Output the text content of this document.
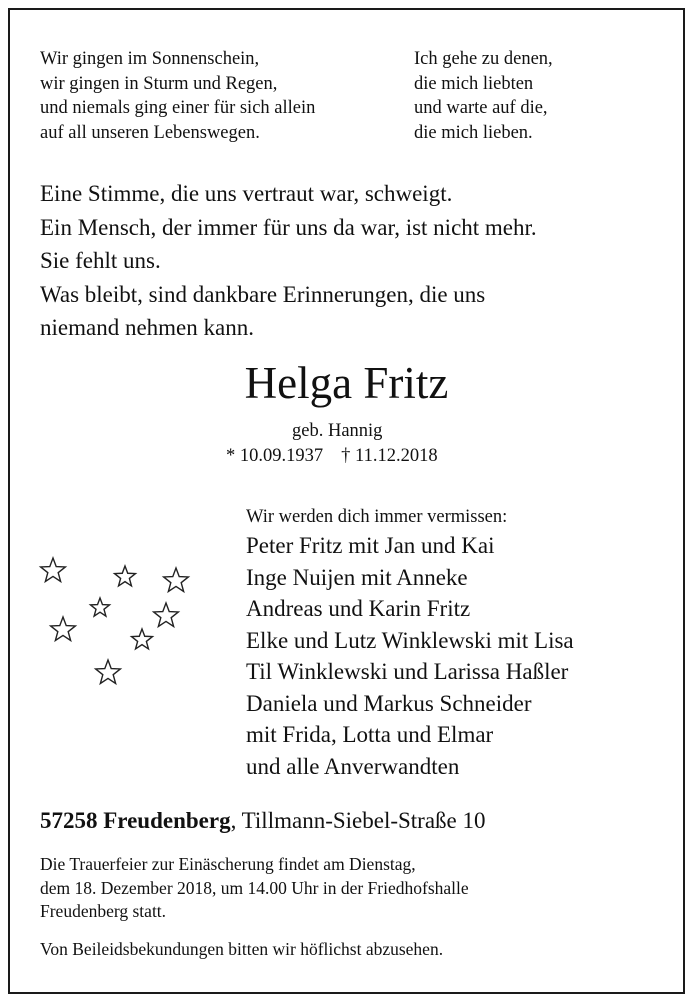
Wir gingen im Sonnenschein,
wir gingen in Sturm und Regen,
und niemals ging einer für sich allein
auf all unseren Lebenswegen.
Ich gehe zu denen,
die mich liebten
und warte auf die,
die mich lieben.
Eine Stimme, die uns vertraut war, schweigt.
Ein Mensch, der immer für uns da war, ist nicht mehr.
Sie fehlt uns.
Was bleibt, sind dankbare Erinnerungen, die uns
niemand nehmen kann.
Helga Fritz
geb. Hannig
* 10.09.1937 † 11.12.2018
Wir werden dich immer vermissen:
Peter Fritz mit Jan und Kai
Inge Nuijen mit Anneke
Andreas und Karin Fritz
Elke und Lutz Winklewski mit Lisa
Til Winklewski und Larissa Haßler
Daniela und Markus Schneider
mit Frida, Lotta und Elmar
und alle Anverwandten
57258 Freudenberg, Tillmann-Siebel-Straße 10
Die Trauerfeier zur Einäscherung findet am Dienstag,
dem 18. Dezember 2018, um 14.00 Uhr in der Friedhofshalle
Freudenberg statt.
Von Beileidsbekundungen bitten wir höflichst abzusehen.
